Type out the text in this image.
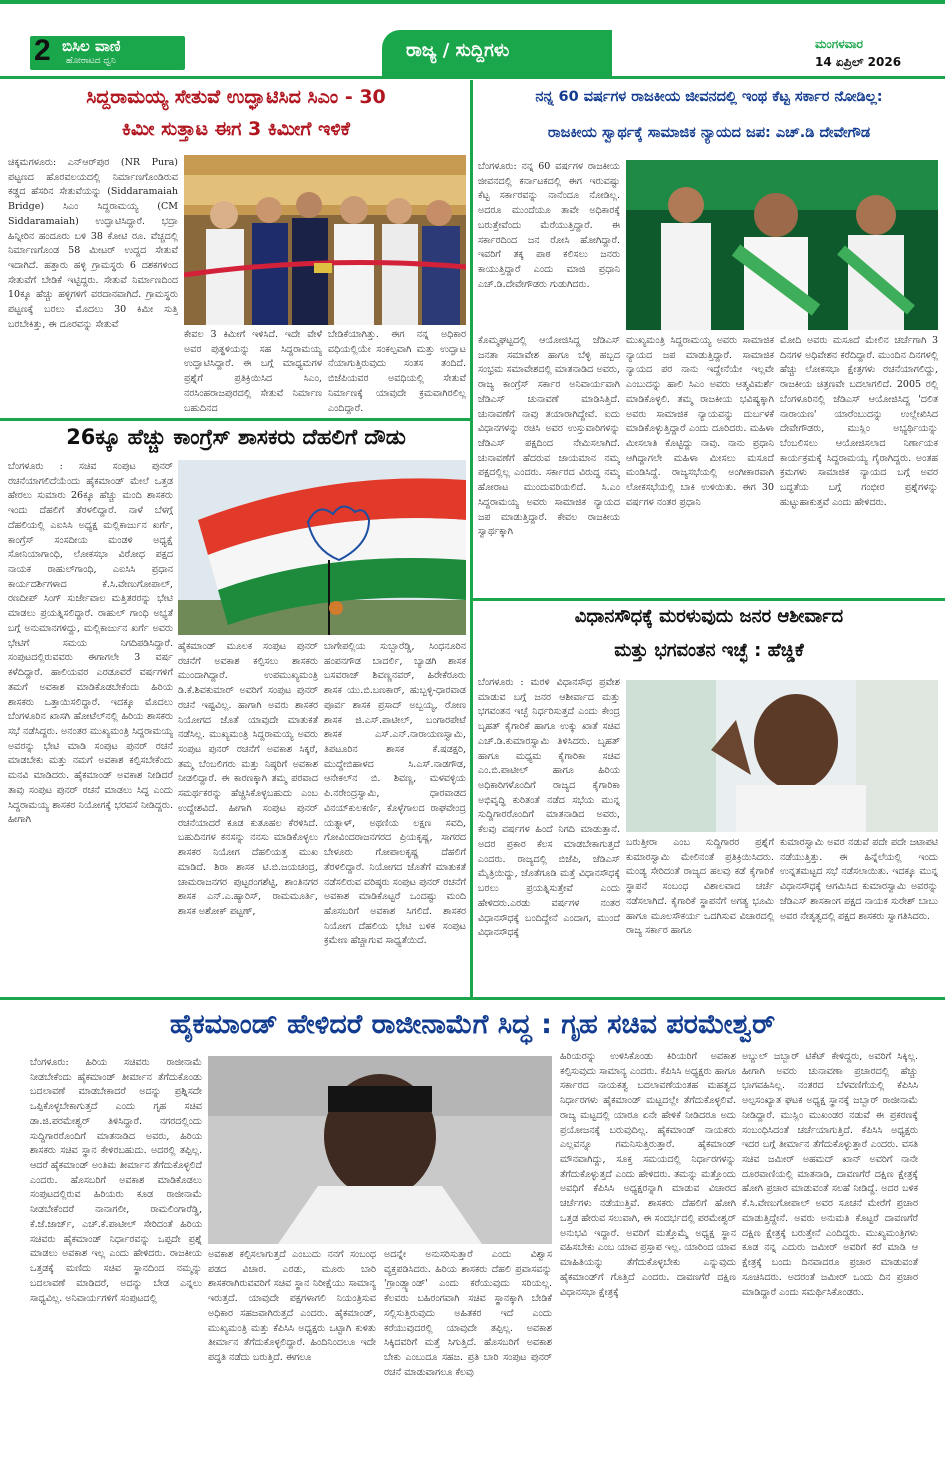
2 ಬಿಸಿಲ ವಾಣಿ
ಹೋರಾಟದ ಧ್ವನಿ	ರಾಜ್ಯ / ಸುದ್ದಿಗಳು	ಮಂಗಳವಾರ
14 ಏಪ್ರಿಲ್ 2026
ಸಿದ್ದರಾಮಯ್ಯ ಸೇತುವೆ ಉದ್ಘಾಟಿಸಿದ ಸಿಎಂ - 30
ಕಿಮೀ ಸುತ್ತಾಟ ಈಗ 3 ಕಿಮೀಗೆ ಇಳಿಕೆ
ಚಿಕ್ಕಮಗಳೂರು: ಎನ್‌ಆರ್‌ಪುರ (NR Pura) ಪಟ್ಟಣದ ಹೊರವಲಯದಲ್ಲಿ ನಿರ್ಮಾಣಗೊಂಡಿರುವ ಕಡ್ಡದ ಹೆಸರಿನ ಸೇತುವೆಯನ್ನು (Siddaramaiah Bridge) ಸಿಎಂ ಸಿದ್ದರಾಮಯ್ಯ (CM Siddaramaiah) ಉದ್ಘಾಟಿಸಿದ್ದಾರೆ. ಭದ್ರಾ ಹಿನ್ನೀರಿನ ಹಂದೂರು ಬಳಿ 38 ಕೋಟಿ ರೂ. ವೆಚ್ಚದಲ್ಲಿ ನಿರ್ಮಾಣಗೊಂಡ 58 ಮೀಟರ್ ಉದ್ದದ ಸೇತುವೆ ಇದಾಗಿದೆ. ಹತ್ತಾರು ಹಳ್ಳಿ ಗ್ರಾಮಸ್ಥರು 6 ದಶಕಗಳಿಂದ ಸೇತುವೆಗೆ ಬೇಡಿಕೆ ಇಟ್ಟಿದ್ದರು. ಸೇತುವೆ ನಿರ್ಮಾಣದಿಂದ 10ಕ್ಕೂ ಹೆಚ್ಚು ಹಳ್ಳಿಗಳಿಗೆ ವರದಾನವಾಗಿದೆ. ಗ್ರಾಮಸ್ಥರು ಪಟ್ಟಣಕ್ಕೆ ಬರಲು ಮೊದಲು 30 ಕಿಮೀ ಸುತ್ತಿ ಬರಬೇಕಿತ್ತು, ಈ ದೂರವನ್ನು ಸೇತುವೆ
ಕೇವಲ 3 ಕಿಮೀಗೆ ಇಳಿಸಿದೆ. ಇದೇ ವೇಳೆ ಅವರ ಪುತ್ಥಳಿಯನ್ನು ಸಹ ಸಿದ್ದರಾಮಯ್ಯ ಉದ್ಘಾಟಿಸಿದ್ದಾರೆ. ಈ ಬಗ್ಗೆ ಮಾಧ್ಯಮಗಳ ಪ್ರಶ್ನೆಗೆ ಪ್ರತಿಕ್ರಿಯಿಸಿದ ಸಿಎಂ, ನರಸಿಂಹರಾಜಪುರದಲ್ಲಿ ಸೇತುವೆ ನಿರ್ಮಾಣ ಬಹುದಿನದ
ಬೇಡಿಕೆಯಾಗಿತ್ತು. ಈಗ ನನ್ನ ಅಧಿಕಾರ ವಧಿಯಲ್ಲಿಯೇ ಸಂಕಲ್ಪವಾಗಿ ಮತ್ತು ಉದ್ಘಾಟ ನೆಯಾಗುತ್ತಿರುವುದು ಸಂತಸ ತಂದಿದೆ. ಬಿಜೆಪಿಯವರ ಅವಧಿಯಲ್ಲಿ ಸೇತುವೆ ನಿರ್ಮಾಣಕ್ಕೆ ಯಾವುದೇ ಕ್ರಮವಾಗಿರಲಿಲ್ಲ ಎಂದಿದ್ದಾರೆ.
26ಕ್ಕೂ ಹೆಚ್ಚು ಕಾಂಗ್ರೆಸ್ ಶಾಸಕರು ದೆಹಲಿಗೆ ದೌಡು
ಬೆಂಗಳೂರು : ಸಚಿವ ಸಂಪುಟ ಪುನರ್ ರಚನೆಯಾಗಲಿದೆಯೆಂದು ಹೈಕಮಾಂಡ್ ಮೇಲೆ ಒತ್ತಡ ಹೇರಲು ಸುಮಾರು 26ಕ್ಕೂ ಹೆಚ್ಚು ಮಂದಿ ಶಾಸಕರು ಇಂದು ದೆಹಲಿಗೆ ತೆರಳಲಿದ್ದಾರೆ. ನಾಳೆ ಬೆಳಗ್ಗೆ ದೆಹಲಿಯಲ್ಲಿ ಎಐಸಿಸಿ ಅಧ್ಯಕ್ಷ ಮಲ್ಲಿಕಾರ್ಜುನ ಖರ್ಗೆ, ಕಾಂಗ್ರೆಸ್ ಸಂಸದೀಯ ಮಂಡಳಿ ಅಧ್ಯಕ್ಷೆ ಸೋನಿಯಾಗಾಂಧಿ, ಲೋಕಸಭಾ ವಿರೋಧ ಪಕ್ಷದ ನಾಯಕ ರಾಹುಲ್‌ಗಾಂಧಿ, ಎಐಸಿಸಿ ಪ್ರಧಾನ ಕಾರ್ಯದರ್ಶಿಗಳಾದ ಕೆ.ಸಿ.ವೇಣುಗೋಪಾಲ್, ರಣದೀಪ್ ಸಿಂಗ್ ಸುರ್ಜೇವಾಲ ಮತ್ತಿತರರನ್ನು ಭೇಟಿ ಮಾಡಲು ಪ್ರಯತ್ನಿಸಲಿದ್ದಾರೆ. ರಾಹುಲ್ ಗಾಂಧಿ ಅಭ್ಯತೆ ಬಗ್ಗೆ ಅನುಮಾನಗಳಿದ್ದು, ಮಲ್ಲಿಕಾರ್ಜುನ ಖರ್ಗೆ ಅವರು ಭೇಟಿಗೆ ಸಮಯ ನಿಗದಿಪಡಿಸಿದ್ದಾರೆ. ಸಂಪುಟದಲ್ಲಿರುವವರು ಈಗಾಗಲೇ 3 ವರ್ಷ ಕಳೆದಿದ್ದಾರೆ. ಹಾಲಿಯವರ ಎರಡೂವರೆ ವರ್ಷಗಳಿಗೆ ತಮಗೆ ಅವಕಾಶ ಮಾಡಿಕೊಡಬೇಕೆಂದು ಹಿರಿಯ ಶಾಸಕರು ಒತ್ತಾಯಿಸಲಿದ್ದಾರೆ. ಇದಕ್ಕೂ ಮೊದಲು ಬೆಂಗಳೂರಿನ ಖಾಸಗಿ ಹೋಟೆಲ್‌ನಲ್ಲಿ ಹಿರಿಯ ಶಾಸಕರು ಸಭೆ ನಡೆಸಿದ್ದರು. ಅನಂತರ ಮುಖ್ಯಮಂತ್ರಿ ಸಿದ್ದರಾಮಯ್ಯ ಅವರನ್ನು ಭೇಟಿ ಮಾಡಿ ಸಂಪುಟ ಪುನರ್ ರಚನೆ ಮಾಡಬೇಕು ಮತ್ತು ನಮಗೆ ಅವಕಾಶ ಕಲ್ಪಿಸಬೇಕೆಂದು ಮನವಿ ಮಾಡಿದರು. ಹೈಕಮಾಂಡ್ ಅವಕಾಶ ನೀಡಿದರೆ ತಾವು ಸಂಪುಟ ಪುನರ್ ರಚನೆ ಮಾಡಲು ಸಿದ್ಧ ಎಂದು ಸಿದ್ದರಾಮಯ್ಯ ಶಾಸಕರ ನಿಯೋಗಕ್ಕೆ ಭರವಸೆ ನೀಡಿದ್ದರು. ಹೀಗಾಗಿ
ಹೈಕಮಾಂಡ್ ಮೂಲಕ ಸಂಪುಟ ಪುನರ್ ರಚನೆಗೆ ಅವಕಾಶ ಕಲ್ಪಿಸಲು ಶಾಸಕರು ಮುಂದಾಗಿದ್ದಾರೆ. ಉಪಮುಖ್ಯಮಂತ್ರಿ ಡಿ.ಕೆ.ಶಿವಕುಮಾರ್ ಅವರಿಗೆ ಸಂಪುಟ ಪುನರ್ ರಚನೆ ಇಷ್ಟವಿಲ್ಲ. ಹಾಗಾಗಿ ಅವರು ಶಾಸಕರ ನಿಯೋಗದ ಜೊತೆ ಯಾವುದೇ ಮಾತುಕತೆ ನಡೆಸಿಲ್ಲ. ಮುಖ್ಯಮಂತ್ರಿ ಸಿದ್ದರಾಮಯ್ಯ ಅವರು ಸಂಪುಟ ಪುನರ್ ರಚನೆಗೆ ಅವಕಾಶ ಸಿಕ್ಕರೆ, ತಮ್ಮ ಬೆಂಬಲಿಗರು ಮತ್ತು ನಿಷ್ಠರಿಗೆ ಅವಕಾಶ ನೀಡಲಿದ್ದಾರೆ. ಈ ಕಾರಣಕ್ಕಾಗಿ ತಮ್ಮ ಪರವಾದ ಸಮರ್ಥಕರನ್ನು ಹೆಚ್ಚಿಸಿಕೊಳ್ಳಬಹುದು ಎಂಬ ಉದ್ದೇಶವಿದೆ. ಹೀಗಾಗಿ ಸಂಪುಟ ಪುನರ್ ರಚನೆಯಾದರೆ ಕೂಡ ಕುತೂಹಲ ಕೆರಳಿಸಿದೆ. ಬಹುದಿನಗಳ ಕನಸನ್ನು ನನಸು ಮಾಡಿಕೊಳ್ಳಲು ಶಾಸಕರ ನಿಯೋಗ ದೆಹಲಿಯತ್ತ ಮುಖ ಮಾಡಿದೆ. ಶಿರಾ ಶಾಸಕ ಟಿ.ಬಿ.ಜಯಚಂದ್ರ, ಚಾಮರಾಜನಗರ ಪುಟ್ಟರಂಗಶೆಟ್ಟಿ, ಶಾಂತಿನಗರ ಶಾಸಕ ಎನ್.ಎ.ಹ್ಯಾರಿಸ್, ರಾಮಮೂರ್ತಿ, ಶಾಸಕ ಅಶೋಕ್ ಪಟ್ಟಣ್,
ಬಾಗೇಪಲ್ಲಿಯ ಸುಬ್ಬಾರೆಡ್ಡಿ, ಸಿಂಧನೂರಿನ ಹಂಪನಗೌಡ ಬಾದರ್ಲಿ, ಬ್ಯಾಡಗಿ ಶಾಸಕ ಬಸವರಾಜ್ ಶಿವಣ್ಣನವರ್, ಹಿರೇಕೆರೂರು ಶಾಸಕ ಯು.ಬಿ.ಬಣಕಾರ್, ಹುಬ್ಬಳ್ಳಿ-ಧಾರವಾಡ ಪೂರ್ವ ಶಾಸಕ ಪ್ರಸಾದ್ ಅಬ್ಬಯ್ಯ, ರೋಣ ಶಾಸಕ ಜಿ.ಎಸ್.ಪಾಟೀಲ್, ಬಂಗಾರಪೇಟೆ ಶಾಸಕ ಎಸ್.ಎನ್.ನಾರಾಯಣಸ್ವಾಮಿ, ತಿಪಟೂರಿನ ಶಾಸಕ ಕೆ.ಷಡಕ್ಷರಿ, ಮುದ್ದೇಬಿಹಾಳದ ಸಿ.ಎಸ್.ನಾಡಗೌಡ, ಆನೇಕಲ್‌ನ ಬಿ. ಶಿವಣ್ಣ, ಮಳವಳ್ಳಿಯ ಪಿ.ನರೇಂದ್ರಸ್ವಾಮಿ, ಧಾರವಾಡದ ವಿನಯ್‌ಕುಲಕರ್ಣಿ, ಕೊಳ್ಳೆಗಾಲದ ರಾಘವೇಂದ್ರ ಯತ್ನಾಳ್, ಅಥಣಿಯ ಲಕ್ಷಣ ಸವದಿ, ಗೋವಿಂದರಾಜನಗರದ ಪ್ರಿಯಕೃಷ್ಣ, ಸಾಗರದ ಬೇಳೂರು ಗೋಪಾಲಕೃಷ್ಣ ದೆಹಲಿಗೆ ತೆರಳಲಿದ್ದಾರೆ. ನಿಯೋಗದ ಜೊತೆಗೆ ಮಾತುಕತೆ ನಡೆಸಲಿರುವ ವರಿಷ್ಠರು ಸಂಪುಟ ಪುನರ್ ರಚನೆಗೆ ಅವಕಾಶ ಮಾಡಿಕೊಟ್ಟರೆ ಒಂದಷ್ಟು ಮಂದಿ ಹೊಸಬರಿಗೆ ಅವಕಾಶ ಸಿಗಲಿದೆ. ಶಾಸಕರ ನಿಯೋಗ ದೆಹಲಿಯ ಭೇಟಿ ಬಳಿಕ ಸಂಪುಟ ಕ್ರಮೇಣ ಹೆಚ್ಚಾಗುವ ಸಾಧ್ಯತೆಯಿದೆ.
ನನ್ನ 60 ವರ್ಷಗಳ ರಾಜಕೀಯ ಜೀವನದಲ್ಲಿ ಇಂಥ ಕೆಟ್ಟ ಸರ್ಕಾರ ನೋಡಿಲ್ಲ:
ರಾಜಕೀಯ ಸ್ವಾರ್ಥಕ್ಕೆ ಸಾಮಾಜಿಕ ನ್ಯಾಯದ ಜಪ: ಎಚ್.ಡಿ ದೇವೇಗೌಡ
ಬೆಂಗಳೂರು: ನನ್ನ 60 ವರ್ಷಗಳ ರಾಜಕೀಯ ಜೀವನದಲ್ಲಿ ಕರ್ನಾಟಕದಲ್ಲಿ ಈಗ ಇರುವಷ್ಟು ಕೆಟ್ಟ ಸರ್ಕಾರವನ್ನು ನಾನೆಂದೂ ನೋಡಿಲ್ಲ. ಅದರೂ ಮುಂದೆಯೂ ತಾವೇ ಅಧಿಕಾರಕ್ಕೆ ಬರುತ್ತೇವೆಂದು ಮೆರೆಯುತ್ತಿದ್ದಾರೆ. ಈ ಸರ್ಕಾರದಿಂದ ಜನ ರೋಸಿ ಹೋಗಿದ್ದಾರೆ. ಇವರಿಗೆ ತಕ್ಕ ಪಾಠ ಕಲಿಸಲು ಜನರು ಕಾಯುತ್ತಿದ್ದಾರೆ ಎಂದು ಮಾಜಿ ಪ್ರಧಾನಿ ಎಚ್.ಡಿ.ದೇವೇಗೌಡರು ಗುಡುಗಿದರು.
ಕೊಮ್ಮಘಟ್ಟದಲ್ಲಿ ಆಯೋಜಿಸಿದ್ದ ಜೆಡಿಎಸ್ ಜನತಾ ಸಮಾವೇಶ ಹಾಗೂ ಬೆಳ್ಳಿ ಹಬ್ಬದ ಸಂಭ್ರಮ ಸಮಾವೇಶದಲ್ಲಿ ಮಾತನಾಡಿದ ಅವರು, ರಾಜ್ಯ ಕಾಂಗ್ರೆಸ್ ಸರ್ಕಾರ ಅನಿವಾರ್ಯವಾಗಿ ಜೆಡಿಎಸ್ ಚುನಾವಣೆ ಮಾಡಿಸಿತ್ತಿದೆ. ಚುನಾವಣೆಗೆ ನಾವು ತಯಾರಾಗಿದ್ದೇವೆ. ಐದು ವಿಧಾನಗಳನ್ನು ರಚಿಸಿ ಅವರ ಉಸ್ತುವಾರಿಗಳನ್ನು ಜೆಡಿಎಸ್ ಪಕ್ಷದಿಂದ ನೇಮಿಸಲಾಗಿದೆ. ಚುನಾವಣೆಗೆ ಹೆದರುವ ಜಾಯಮಾನ ನಮ್ಮ ಪಕ್ಷದಲ್ಲಿಲ್ಲ ಎಂದರು. ಸರ್ಕಾರದ ವಿರುದ್ಧ ನಮ್ಮ ಹೋರಾಟ ಮುಂದುವರಿಯಲಿದೆ. ಸಿ.ಎಂ ಸಿದ್ದರಾಮಯ್ಯ ಅವರು ಸಾಮಾಜಿಕ ನ್ಯಾಯದ ಜಪ ಮಾಡುತ್ತಿದ್ದಾರೆ. ಕೇವಲ ರಾಜಕೀಯ ಸ್ವಾರ್ಥಕ್ಕಾಗಿ
ಮುಖ್ಯಮಂತ್ರಿ ಸಿದ್ದರಾಮಯ್ಯ ಅವರು ಸಾಮಾಜಿಕ ನ್ಯಾಯದ ಜಪ ಮಾಡುತ್ತಿದ್ದಾರೆ. ಸಾಮಾಜಿಕ ನ್ಯಾಯದ ಪರ ನಾನು ಇದ್ದೇನೆಯೇ ಇಲ್ಲವೇ ಎಂಬುದನ್ನು ಹಾಲಿ ಸಿಎಂ ಅವರು ಆತ್ಮವಿಮರ್ಶೆ ಮಾಡಿಕೊಳ್ಳಲಿ. ತಮ್ಮ ರಾಜಕೀಯ ಭವಿಷ್ಯಕ್ಕಾಗಿ ಅವರು ಸಾಮಾಜಿಕ ನ್ಯಾಯವನ್ನು ದುರ್ಬಳಕೆ ಮಾಡಿಕೊಳ್ಳುತ್ತಿದ್ದಾರೆ ಎಂದು ದೂರಿದರು. ಮಹಿಳಾ ಮೀಸಲಾತಿ ಕೊಟ್ಟಿದ್ದು ನಾವು. ನಾನು ಪ್ರಧಾನಿ ಆಗಿದ್ದಾಗಲೇ ಮಹಿಳಾ ಮೀಸಲು ಮಸೂದೆ ಮಂಡಿಸಿದ್ದೆ. ರಾಜ್ಯಸಭೆಯಲ್ಲಿ ಅಂಗೀಕಾರವಾಗಿ ಲೋಕಸಭೆಯಲ್ಲಿ ಬಾಕಿ ಉಳಿಯಿತು. ಈಗ 30 ವರ್ಷಗಳ ನಂತರ ಪ್ರಧಾನಿ
ಮೋದಿ ಅವರು ಮಸೂದೆ ಮೇಲಿನ ಚರ್ಚೆಗಾಗಿ 3 ದಿನಗಳ ಅಧಿವೇಶನ ಕರೆದಿದ್ದಾರೆ. ಮುಂದಿನ ದಿನಗಳಲ್ಲಿ ಹೆಚ್ಚು ಲೋಕಸಭಾ ಕ್ಷೇತ್ರಗಳು ರಚನೆಯಾಗಲಿದ್ದು, ರಾಜಕೀಯ ಚಿತ್ರಣವೇ ಬದಲಾಗಲಿದೆ. 2005 ರಲ್ಲಿ ಬೆಂಗಳೂರಿನಲ್ಲಿ ಜೆಡಿಎಸ್ ಆಯೋಜಿಸಿದ್ದ 'ದಲಿತ ನಾರಾಯಣ' ಯಾರೆಂಬುದನ್ನು ಉಲ್ಲೇಖಿಸಿದ ದೇವೇಗೌಡರು, ಮುಸ್ಲಿಂ ಅಭ್ಯರ್ಥಿಯನ್ನು ಬೆಂಬಲಿಸಲು ಆಯೋಜಿಸಲಾದ ನಿರ್ಣಾಯಕ ಕಾರ್ಯಕ್ರಮಕ್ಕೆ ಸಿದ್ದರಾಮಯ್ಯ ಗೈರಾಗಿದ್ದರು. ಅಂತಹ ಕ್ರಮಗಳು ಸಾಮಾಜಿಕ ನ್ಯಾಯದ ಬಗ್ಗೆ ಅವರ ಬದ್ಧತೆಯ ಬಗ್ಗೆ ಗಂಭೀರ ಪ್ರಶ್ನೆಗಳನ್ನು ಹುಟ್ಟುಹಾಕುತ್ತವೆ ಎಂದು ಹೇಳಿದರು.
ವಿಧಾನಸೌಧಕ್ಕೆ ಮರಳುವುದು ಜನರ ಆಶೀರ್ವಾದ
ಮತ್ತು ಭಗವಂತನ ಇಚ್ಛೆ : ಹೆಚ್ಡಿಕೆ
ಬೆಂಗಳೂರು : ಮರಳಿ ವಿಧಾನಸೌಧ ಪ್ರವೇಶ ಮಾಡುವ ಬಗ್ಗೆ ಜನರ ಆಶೀರ್ವಾದ ಮತ್ತು ಭಗವಂತನ ಇಚ್ಛೆ ನಿರ್ಧರಿಸುತ್ತದೆ ಎಂದು ಕೇಂದ್ರ ಬೃಹತ್ ಕೈಗಾರಿಕೆ ಹಾಗೂ ಉಕ್ಕು ಖಾತೆ ಸಚಿವ ಎಚ್.ಡಿ.ಕುಮಾರಸ್ವಾಮಿ ತಿಳಿಸಿದರು. ಬೃಹತ್ ಹಾಗೂ ಮಧ್ಯಮ ಕೈಗಾರಿಕಾ ಸಚಿವ ಎಂ.ಬಿ.ಪಾಟೀಲ್ ಹಾಗೂ ಹಿರಿಯ ಅಧಿಕಾರಿಗಳೊಂದಿಗೆ ರಾಜ್ಯದ ಕೈಗಾರಿಕಾ ಅಭಿವೃದ್ಧಿ ಕುರಿತಂತೆ ನಡೆದ ಸಭೆಯ ಮುನ್ನ ಸುದ್ದಿಗಾರರೊಂದಿಗೆ ಮಾತನಾಡಿದ ಅವರು, ಕೆಲವು ವರ್ಷಗಳ ಹಿಂದೆ ನಿಗದಿ ಮಾಡುತ್ತಾನೆ. ಅದರ ಪ್ರಕಾರ ಕೆಲಸ ಮಾಡಬೇಕಾಗುತ್ತದೆ ಎಂದರು. ರಾಜ್ಯದಲ್ಲಿ ಬಿಜೆಪಿ, ಜೆಡಿಎಸ್ ಮೈತ್ರಿಯಿದ್ದು, ಜೊತೆಗೂಡಿ ಮತ್ತೆ ವಿಧಾನಸೌಧಕ್ಕೆ ಬರಲು ಪ್ರಯತ್ನಿಸುತ್ತೇವೆ ಎಂದು ಹೇಳಿದರು.ಎರಡು ವರ್ಷಗಳ ನಂತರ ವಿಧಾನಸೌಧಕ್ಕೆ ಬಂದಿದ್ದೇನೆ ಎಂದಾಗ, ಮುಂದೆ ವಿಧಾನಸೌಧಕ್ಕೆ
ಬರುತ್ತೀರಾ ಎಂಬ ಸುದ್ದಿಗಾರರ ಪ್ರಶ್ನೆಗೆ ಕುಮಾರಸ್ವಾಮಿ ಮೇಲಿನಂತೆ ಪ್ರತಿಕ್ರಿಯಿಸಿದರು. ಮಂಡ್ಯ ಸೇರಿದಂತೆ ರಾಜ್ಯದ ಹಲವು ಕಡೆ ಕೈಗಾರಿಕೆ ಸ್ಥಾಪನೆ ಸಂಬಂಧ ವಿಶಾಲವಾದ ಚರ್ಚೆ ನಡೆಸಲಾಗಿದೆ. ಕೈಗಾರಿಕೆ ಸ್ಥಾಪನೆಗೆ ಅಗತ್ಯ ಭೂಮಿ ಹಾಗೂ ಮೂಲಸೌಕರ್ಯ ಒದಗಿಸುವ ವಿಚಾರದಲ್ಲಿ ರಾಜ್ಯ ಸರ್ಕಾರ ಹಾಗೂ
ಕುಮಾರಸ್ವಾಮಿ ಅವರ ನಡುವೆ ಪದೇ ಪದೇ ಜಟಾಪಟಿ ನಡೆಯುತ್ತಿತ್ತು. ಈ ಹಿನ್ನೆಲೆಯಲ್ಲಿ ಇಂದು ಉನ್ನತಮಟ್ಟದ ಸಭೆ ನಡೆಸಲಾಯಿತು. ಇದಕ್ಕೂ ಮುನ್ನ ವಿಧಾನಸೌಧಕ್ಕೆ ಆಗಮಿಸಿದ ಕುಮಾರಸ್ವಾಮಿ ಅವರನ್ನು ಜೆಡಿಎಸ್ ಶಾಸಕಾಂಗ ಪಕ್ಷದ ನಾಯಕ ಸುರೇಶ್ ಬಾಬು ಅವರ ನೇತೃತ್ವದಲ್ಲಿ ಪಕ್ಷದ ಶಾಸಕರು ಸ್ವಾಗತಿಸಿದರು.
ಹೈಕಮಾಂಡ್ ಹೇಳಿದರೆ ರಾಜೀನಾಮೆಗೆ ಸಿದ್ಧ : ಗೃಹ ಸಚಿವ ಪರಮೇಶ್ವರ್
ಬೆಂಗಳೂರು: ಹಿರಿಯ ಸಚಿವರು ರಾಜೀನಾಮೆ ನೀಡಬೇಕೆಂದು ಹೈಕಮಾಂಡ್ ತೀರ್ಮಾನ ತೆಗೆದುಕೊಂಡು ಬದಲಾವಣೆ ಮಾಡಬೇಕಾದರೆ ಅದನ್ನು ಪ್ರಶ್ನಿಸದೇ ಒಪ್ಪಿಕೊಳ್ಳಬೇಕಾಗುತ್ತದೆ ಎಂದು ಗೃಹ ಸಚಿವ ಡಾ.ಜಿ.ಪರಮೇಶ್ವರ್ ತಿಳಿಸಿದ್ದಾರೆ. ನಗರದಲ್ಲಿಂದು ಸುದ್ದಿಗಾರರೊಂದಿಗೆ ಮಾತನಾಡಿದ ಅವರು, ಹಿರಿಯ ಶಾಸಕರು ಸಚಿವ ಸ್ಥಾನ ಕೇಳಿರಬಹುದು. ಅದರಲ್ಲಿ ತಪ್ಪಿಲ್ಲ. ಆದರೆ ಹೈಕಮಾಂಡ್ ಅಂತಿಮ ತೀರ್ಮಾನ ತೆಗೆದುಕೊಳ್ಳಲಿದೆ ಎಂದರು. ಹೊಸಬರಿಗೆ ಅವಕಾಶ ಮಾಡಿಕೊಡಲು ಸಂಪುಟದಲ್ಲಿರುವ ಹಿರಿಯರು ಕೂಡ ರಾಜೀನಾಮೆ ನೀಡಬೇಕೆಂದರೆ ನಾನಾಗಲೀ, ರಾಮಲಿಂಗಾರೆಡ್ಡಿ, ಕೆ.ಜೆ.ಜಾರ್ಜ್, ಎಚ್.ಕೆ.ಪಾಟೀಲ್ ಸೇರಿದಂತೆ ಹಿರಿಯ ಸಚಿವರು ಹೈಕಮಾಂಡ್ ನಿರ್ಧಾರವನ್ನು ಒಪ್ಪದೇ ಪ್ರಶ್ನೆ ಮಾಡಲು ಅವಕಾಶ ಇಲ್ಲ ಎಂದು ಹೇಳಿದರು. ರಾಜಕೀಯ ಒತ್ತಡಕ್ಕೆ ಮಣಿದು ಸಚಿವ ಸ್ಥಾನದಿಂದ ನಮ್ಮನ್ನು ಬದಲಾವಣೆ ಮಾಡಿದರೆ, ಅದನ್ನು ಬೇಡ ಎನ್ನಲು ಸಾಧ್ಯವಿಲ್ಲ. ಅನಿವಾರ್ಯಗಳಿಗೆ ಸಂಪುಟದಲ್ಲಿ
ಅವಕಾಶ ಕಲ್ಪಿಸಲಾಗುತ್ತದೆ ಎಂಬುದು ನನಗೆ ಸಂಬಂಧ ಪಡದ ವಿಚಾರ. ಎರಡು, ಮೂರು ಬಾರಿ ಶಾಸಕರಾಗಿರುವವರಿಗೆ ಸಚಿವ ಸ್ಥಾನ ನಿರೀಕ್ಷೆಯು ಸಾಮಾನ್ಯ ಇರುತ್ತದೆ. ಯಾವುದೇ ಪಕ್ಷಗಳಾಗಲಿ ನಿಯಂತ್ರಿಸುವ ಅಧಿಕಾರ ಸಹಜವಾಗಿರುತ್ತದೆ ಎಂದರು. ಹೈಕಮಾಂಡ್, ಮುಖ್ಯಮಂತ್ರಿ ಮತ್ತು ಕೆಪಿಸಿಸಿ ಅಧ್ಯಕ್ಷರು ಒಟ್ಟಾಗಿ ಕುಳಿತು ತೀರ್ಮಾನ ತೆಗೆದುಕೊಳ್ಳಲಿದ್ದಾರೆ. ಹಿಂದಿನಿಂದಲೂ ಇದೇ ಪದ್ಧತಿ ನಡೆದು ಬರುತ್ತಿದೆ. ಈಗಲೂ
ಅದನ್ನೇ ಅನುಸರಿಸುತ್ತಾರೆ ಎಂದು ವಿಶ್ವಾಸ ವ್ಯಕ್ತಪಡಿಸಿದರು. ಹಿರಿಯ ಶಾಸಕರು ದೆಹಲಿ ಪ್ರವಾಸವನ್ನು 'ಗ್ರಾಂಡ್ಸ್ಯಾಂಡ್' ಎಂದು ಕರೆಯುವುದು ಸರಿಯಲ್ಲ. ಕೆಲವರು ಬಹಿರಂಗವಾಗಿ ಸಚಿವ ಸ್ಥಾನಕ್ಕಾಗಿ ಬೇಡಿಕೆ ಸಲ್ಲಿಸುತ್ತಿರುವುದು ಅಹಿತಕರ ಇದೆ ಎಂದು ಕರೆಯುವುದರಲ್ಲಿ ಯಾವುದೇ ತಪ್ಪಿಲ್ಲ. ಅವಕಾಶ ಸಿಕ್ಕಿದವರಿಗೆ ಮತ್ತೆ ಸಿಗುತ್ತಿದೆ. ಹೊಸಬರಿಗೆ ಅವಕಾಶ ಬೇಕು ಎಂಬುದೂ ಸಹಜ. ಪ್ರತಿ ಬಾರಿ ಸಂಪುಟ ಪುನರ್ ರಚನೆ ಮಾಡುವಾಗಲೂ ಕೆಲವು
ಹಿರಿಯರನ್ನು ಉಳಿಸಿಕೊಂಡು ಕಿರಿಯರಿಗೆ ಅವಕಾಶ ಕಲ್ಪಿಸುವುದು ಸಾಮಾನ್ಯ ಎಂದರು. ಕೆಪಿಸಿಸಿ ಅಧ್ಯಕ್ಷರು ಹಾಗೂ ಸರ್ಕಾರದ ನಾಯಕತ್ವ ಬದಲಾವಣೆಯಂತಹ ಮಹತ್ವದ ನಿರ್ಧಾರಗಳು ಹೈಕಮಾಂಡ್ ಮಟ್ಟದಲ್ಲೇ ತೆಗೆದುಕೊಳ್ಳಲಿವೆ. ರಾಜ್ಯ ಮಟ್ಟದಲ್ಲಿ ಯಾರೂ ಏನೇ ಹೇಳಿಕೆ ನೀಡಿದರೂ ಅದು ಪ್ರಯೋಜನಕ್ಕೆ ಬರುವುದಿಲ್ಲ. ಹೈಕಮಾಂಡ್ ನಾಯಕರು ಎಲ್ಲವನ್ನೂ ಗಮನಿಸುತ್ತಿರುತ್ತಾರೆ. ಹೈಕಮಾಂಡ್ ಮೌನವಾಗಿದ್ದು, ಸೂಕ್ತ ಸಮಯದಲ್ಲಿ ನಿರ್ಧಾರಗಳನ್ನು ತೆಗೆದುಕೊಳ್ಳುತ್ತದೆ ಎಂದು ಹೇಳಿದರು. ತಮನ್ನು ಮತ್ತೊಂದು ಅವಧಿಗೆ ಕೆಪಿಸಿಸಿ ಅಧ್ಯಕ್ಷರನ್ನಾಗಿ ಮಾಡುವ ವಿಚಾರದ ಚರ್ಚೆಗಳು ನಡೆಯುತ್ತಿವೆ. ಶಾಸಕರು ದೆಹಲಿಗೆ ಹೋಗಿ ಒತ್ತಡ ಹೇರುವ ಸಲುವಾಗಿ, ಈ ಸಂದರ್ಭದಲ್ಲಿ ಪರಮೇಶ್ವರ್ ಅನುಭವಿ ಇದ್ದಾರೆ. ಅವರಿಗೆ ಮತ್ತೊಮ್ಮೆ ಅಧ್ಯಕ್ಷ ಸ್ಥಾನ ವಹಿಸಬೇಕು ಎಂಬ ಯಾವ ಪ್ರಸ್ತಾಪ ಇಲ್ಲ. ಯಾರಿಂದ ಯಾವ ಮಾಹಿತಿಯನ್ನು ತೆಗೆದುಕೊಳ್ಳಬೇಕು ಎನ್ನುವುದು ಹೈಕಮಾಂಡ್‌ಗೆ ಗೊತ್ತಿದೆ ಎಂದರು. ದಾವಣಗೆರೆ ದಕ್ಷಿಣ ವಿಧಾನಸಭಾ ಕ್ಷೇತ್ರಕ್ಕೆ
ಅಬ್ದುಲ್ ಜಬ್ಬಾರ್ ಟಿಕೆಟ್ ಕೇಳಿದ್ದರು, ಅವರಿಗೆ ಸಿಕ್ಕಿಲ್ಲ. ಹೀಗಾಗಿ ಅವರು ಚುನಾವಣಾ ಪ್ರಚಾರದಲ್ಲಿ ಹೆಚ್ಚು ಭಾಗವಹಿಸಿಲ್ಲ. ನಂತರದ ಬೆಳವಣಿಗೆಯಲ್ಲಿ ಕೆಪಿಸಿಸಿ ಅಲ್ಪಸಂಖ್ಯಾತ ಘಟಕ ಅಧ್ಯಕ್ಷ ಸ್ಥಾನಕ್ಕೆ ಜಬ್ಬಾರ್ ರಾಜೀನಾಮೆ ನೀಡಿದ್ದಾರೆ. ಮುಸ್ಲಿಂ ಮುಖಂಡರ ನಡುವೆ ಈ ಪ್ರಕರಣಕ್ಕೆ ಸಂಬಂಧಿಸಿದಂತೆ ಚರ್ಚೆಯಾಗುತ್ತಿದೆ. ಕೆಪಿಸಿಸಿ ಅಧ್ಯಕ್ಷರು ಇದರ ಬಗ್ಗೆ ತೀರ್ಮಾನ ತೆಗೆದುಕೊಳ್ಳುತ್ತಾರೆ ಎಂದರು. ವಸತಿ ಸಚಿವ ಜಮೀರ್ ಅಹಮದ್ ಖಾನ್ ಅವರಿಗೆ ನಾನೇ ದೂರವಾಣಿಯಲ್ಲಿ ಮಾತನಾಡಿ, ದಾವಣಗೆರೆ ದಕ್ಷಿಣ ಕ್ಷೇತ್ರಕ್ಕೆ ಹೋಗಿ ಪ್ರಚಾರ ಮಾಡುವಂತೆ ಸಲಹೆ ನೀಡಿದ್ದೆ. ಅದರ ಬಳಿಕ ಕೆ.ಸಿ.ವೇಣುಗೋಪಾಲ್ ಅವರ ಸೂಚನೆ ಮೇರೆಗೆ ಪ್ರಚಾರ ಮಾಡುತ್ತಿದ್ದೇನೆ. ಅವರು ಅನುಮತಿ ಕೊಟ್ಟರೆ ದಾವಣಗೆರೆ ದಕ್ಷಿಣ ಕ್ಷೇತ್ರಕ್ಕೆ ಬರುತ್ತೇನೆ ಎಂದಿದ್ದರು. ಮುಖ್ಯಮಂತ್ರಿಗಳು ಕೂಡ ನನ್ನ ಎದುರು ಜಮೀರ್ ಅವರಿಗೆ ಕರೆ ಮಾಡಿ ಆ ಕ್ಷೇತ್ರಕ್ಕೆ ಬಂದು ದಿನವಾದರೂ ಪ್ರಚಾರ ಮಾಡುವಂತೆ ಸೂಚಿಸಿದರು. ಅದರಂತೆ ಜಮೀರ್ ಒಂದು ದಿನ ಪ್ರಚಾರ ಮಾಡಿದ್ದಾರೆ ಎಂದು ಸಮರ್ಥಿಸಿಕೊಂಡರು.
